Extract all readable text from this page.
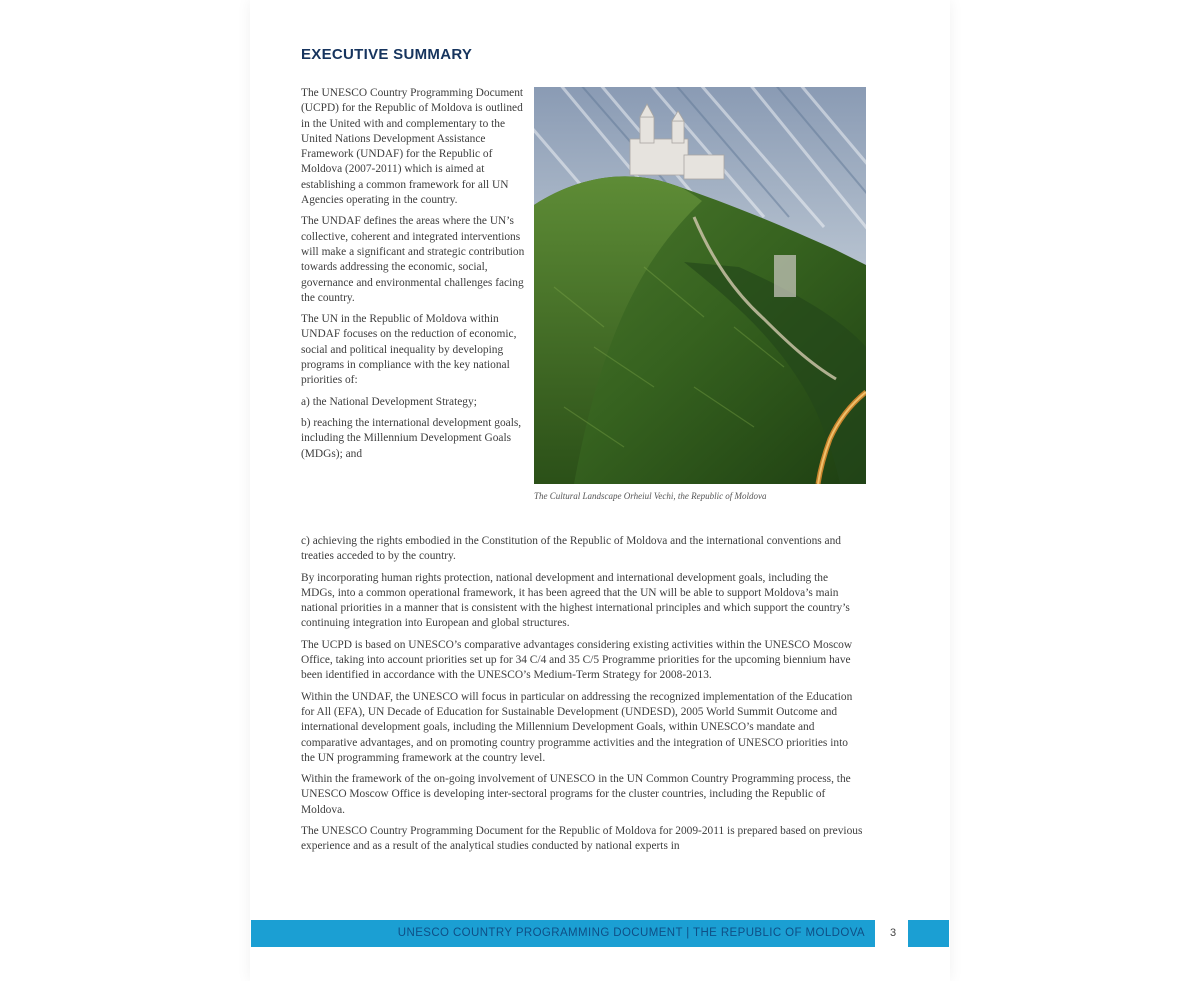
EXECUTIVE SUMMARY

The UNESCO Country Programming Document (UCPD) for the Republic of Moldova is outlined in the United with and complementary to the United Nations Development Assistance Framework (UNDAF) for the Republic of Moldova (2007-2011) which is aimed at establishing a common framework for all UN Agencies operating in the country.

The UNDAF defines the areas where the UN’s collective, coherent and integrated interventions will make a significant and strategic contribution towards addressing the economic, social, governance and environmental challenges facing the country.

The UN in the Republic of Moldova within UNDAF focuses on the reduction of economic, social and political inequality by developing programs in compliance with the key national priorities of:

a) the National Development Strategy;

b) reaching the international development goals, including the Millennium Development Goals (MDGs); and

The Cultural Landscape Orheiul Vechi, the Republic of Moldova

c) achieving the rights embodied in the Constitution of the Republic of Moldova and the international conventions and treaties acceded to by the country.

By incorporating human rights protection, national development and international development goals, including the MDGs, into a common operational framework, it has been agreed that the UN will be able to support Moldova’s main national priorities in a manner that is consistent with the highest international principles and which support the country’s continuing integration into European and global structures.

The UCPD is based on UNESCO’s comparative advantages considering existing activities within the UNESCO Moscow Office, taking into account priorities set up for 34 C/4 and 35 C/5 Programme priorities for the upcoming biennium have been identified in accordance with the UNESCO’s Medium-Term Strategy for 2008-2013.

Within the UNDAF, the UNESCO will focus in particular on addressing the recognized implementation of the Education for All (EFA), UN Decade of Education for Sustainable Development (UNDESD), 2005 World Summit Outcome and international development goals, including the Millennium Development Goals, within UNESCO’s mandate and comparative advantages, and on promoting country programme activities and the integration of UNESCO priorities into the UN programming framework at the country level.

Within the framework of the on-going involvement of UNESCO in the UN Common Country Programming process, the UNESCO Moscow Office is developing inter-sectoral programs for the cluster countries, including the Republic of Moldova.

The UNESCO Country Programming Document for the Republic of Moldova for 2009-2011 is prepared based on previous experience and as a result of the analytical studies conducted by national experts in

UNESCO COUNTRY PROGRAMMING DOCUMENT | THE REPUBLIC OF MOLDOVA	3
